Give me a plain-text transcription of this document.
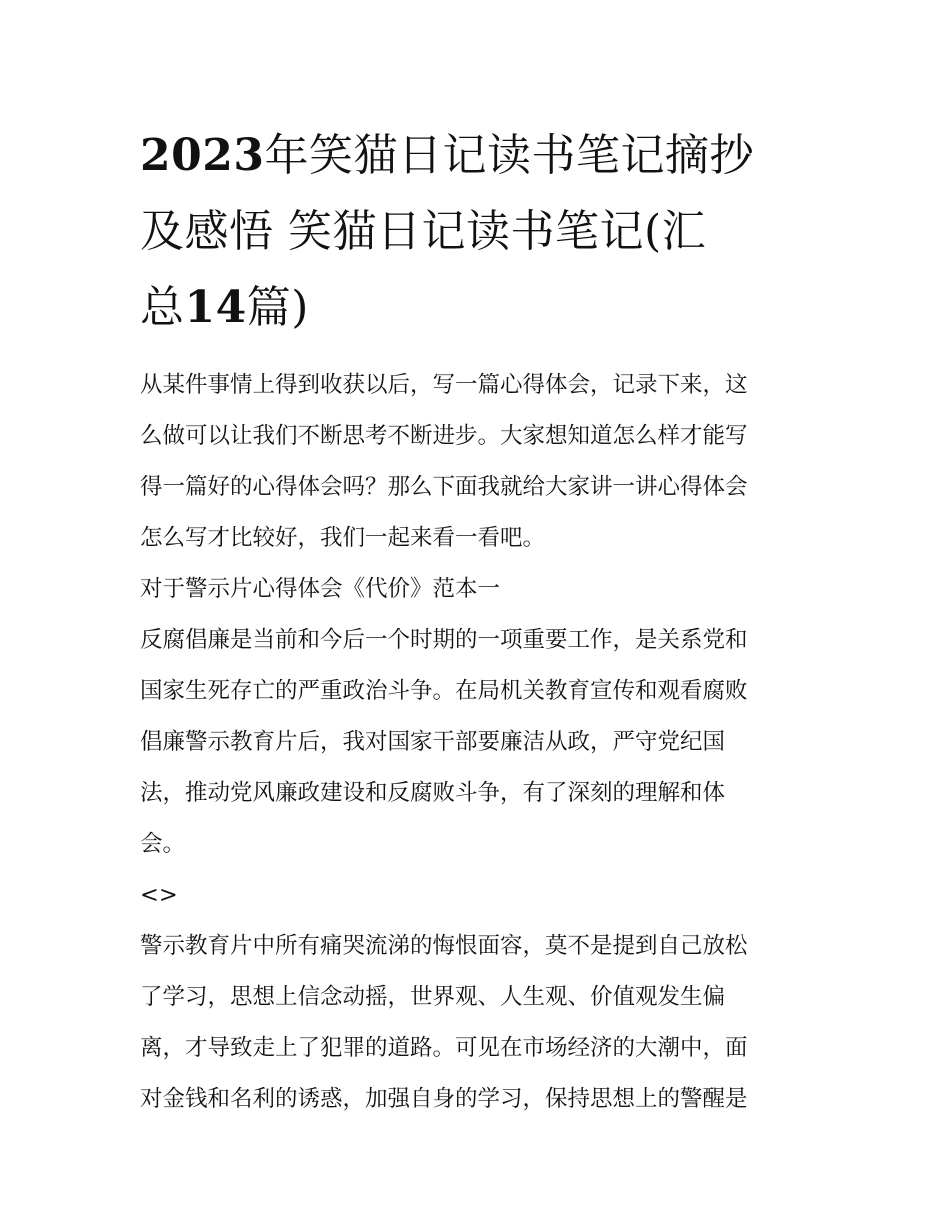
2023年笑猫日记读书笔记摘抄
及感悟 笑猫日记读书笔记(汇
总14篇)
从某件事情上得到收获以后，写一篇心得体会，记录下来，这
么做可以让我们不断思考不断进步。大家想知道怎么样才能写
得一篇好的心得体会吗？那么下面我就给大家讲一讲心得体会
怎么写才比较好，我们一起来看一看吧。
对于警示片心得体会《代价》范本一
反腐倡廉是当前和今后一个时期的一项重要工作，是关系党和
国家生死存亡的严重政治斗争。在局机关教育宣传和观看腐败
倡廉警示教育片后，我对国家干部要廉洁从政，严守党纪国
法，推动党风廉政建设和反腐败斗争，有了深刻的理解和体
会。
<>
警示教育片中所有痛哭流涕的悔恨面容，莫不是提到自己放松
了学习，思想上信念动摇，世界观、人生观、价值观发生偏
离，才导致走上了犯罪的道路。可见在市场经济的大潮中，面
对金钱和名利的诱惑，加强自身的学习，保持思想上的警醒是
